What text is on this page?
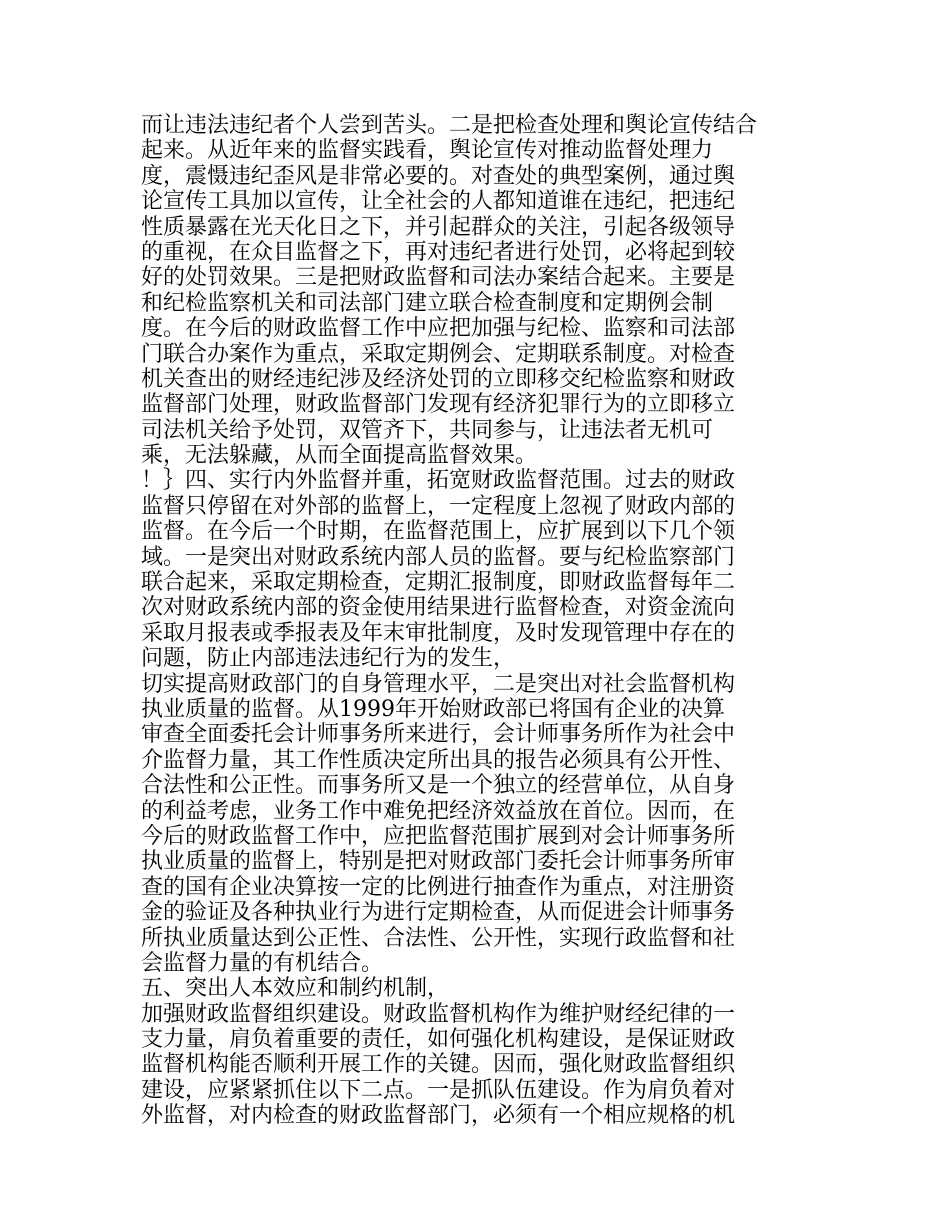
而让违法违纪者个人尝到苦头。二是把检查处理和舆论宣传结合
起来。从近年来的监督实践看，舆论宣传对推动监督处理力
度，震慑违纪歪风是非常必要的。对查处的典型案例，通过舆
论宣传工具加以宣传，让全社会的人都知道谁在违纪，把违纪
性质暴露在光天化日之下，并引起群众的关注，引起各级领导
的重视，在众目监督之下，再对违纪者进行处罚，必将起到较
好的处罚效果。三是把财政监督和司法办案结合起来。主要是
和纪检监察机关和司法部门建立联合检查制度和定期例会制
度。在今后的财政监督工作中应把加强与纪检、监察和司法部
门联合办案作为重点，采取定期例会、定期联系制度。对检查
机关查出的财经违纪涉及经济处罚的立即移交纪检监察和财政
监督部门处理，财政监督部门发现有经济犯罪行为的立即移立
司法机关给予处罚，双管齐下，共同参与，让违法者无机可
乘，无法躲藏，从而全面提高监督效果。
！｝四、实行内外监督并重，拓宽财政监督范围。过去的财政
监督只停留在对外部的监督上，一定程度上忽视了财政内部的
监督。在今后一个时期，在监督范围上，应扩展到以下几个领
域。一是突出对财政系统内部人员的监督。要与纪检监察部门
联合起来，采取定期检查，定期汇报制度，即财政监督每年二
次对财政系统内部的资金使用结果进行监督检查，对资金流向
采取月报表或季报表及年末审批制度，及时发现管理中存在的
问题，防止内部违法违纪行为的发生，
切实提高财政部门的自身管理水平，二是突出对社会监督机构
执业质量的监督。从1999年开始财政部已将国有企业的决算
审查全面委托会计师事务所来进行，会计师事务所作为社会中
介监督力量，其工作性质决定所出具的报告必须具有公开性、
合法性和公正性。而事务所又是一个独立的经营单位，从自身
的利益考虑，业务工作中难免把经济效益放在首位。因而，在
今后的财政监督工作中，应把监督范围扩展到对会计师事务所
执业质量的监督上，特别是把对财政部门委托会计师事务所审
查的国有企业决算按一定的比例进行抽查作为重点，对注册资
金的验证及各种执业行为进行定期检查，从而促进会计师事务
所执业质量达到公正性、合法性、公开性，实现行政监督和社
会监督力量的有机结合。
五、突出人本效应和制约机制，
加强财政监督组织建设。财政监督机构作为维护财经纪律的一
支力量，肩负着重要的责任，如何强化机构建设，是保证财政
监督机构能否顺利开展工作的关键。因而，强化财政监督组织
建设，应紧紧抓住以下二点。一是抓队伍建设。作为肩负着对
外监督，对内检查的财政监督部门，必须有一个相应规格的机
